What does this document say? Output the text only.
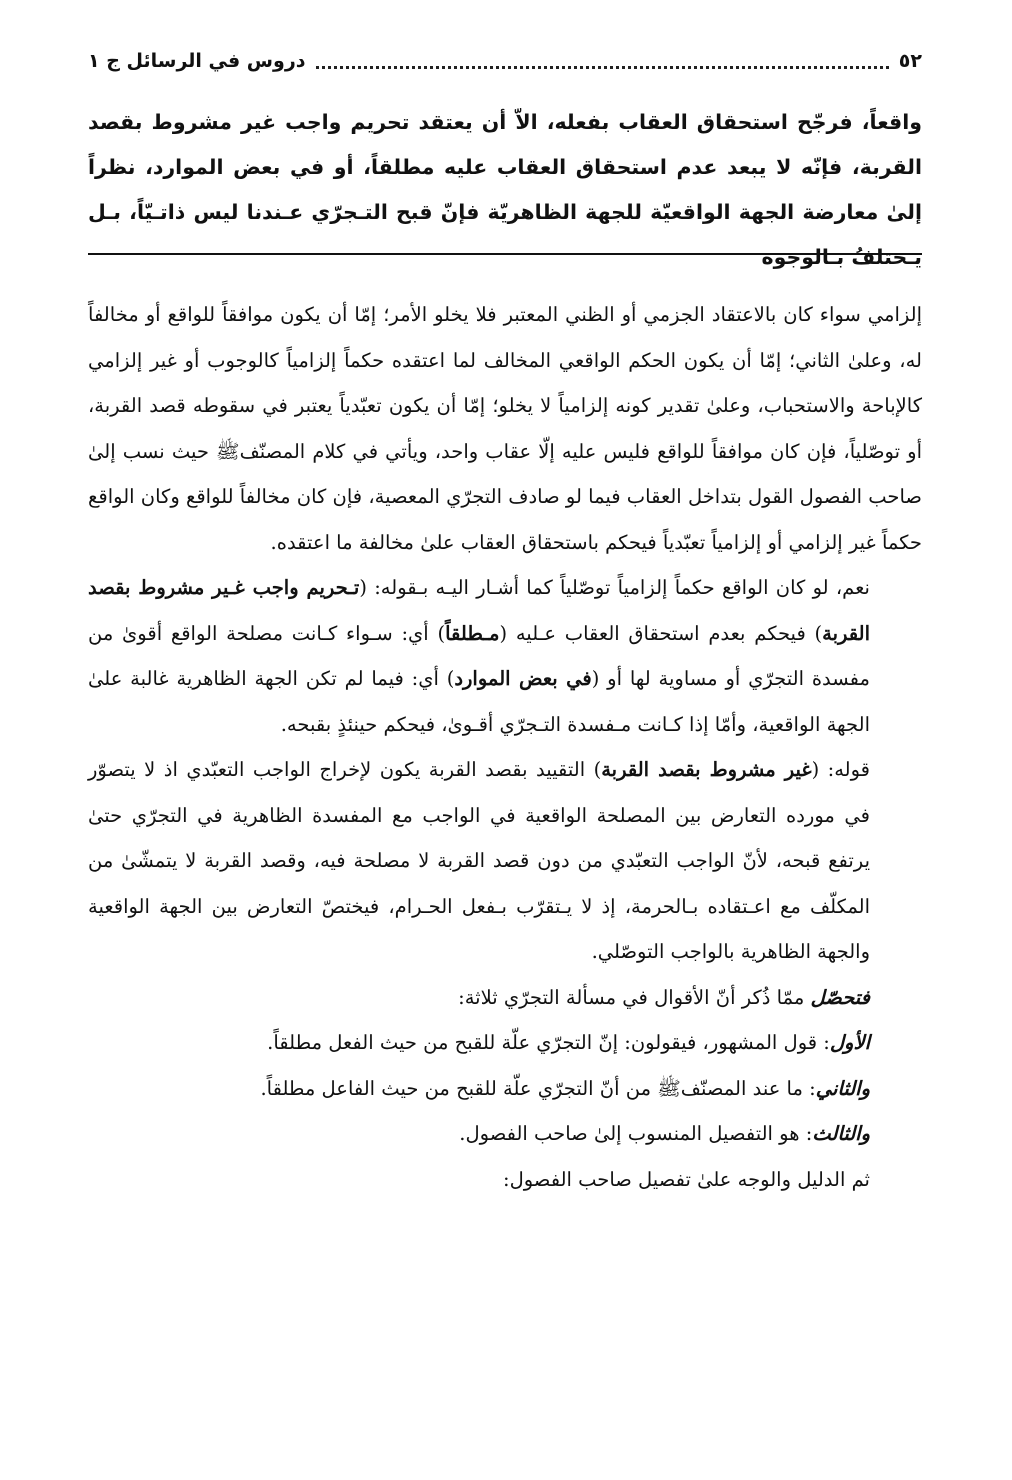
٥٢
دروس في الرسائل ج ١

واقعاً، فرجّح استحقاق العقاب بفعله، الاّ أن يعتقد تحريم واجب غير مشروط بقصد القربة، فإنّه لا يبعد عدم استحقاق العقاب عليه مطلقاً، أو في بعض الموارد، نظراً إلىٰ معارضة الجهة الواقعيّة للجهة الظاهريّة فإنّ قبح التـجرّي عـندنا ليس ذاتـيّاً، بـل يـختلفُ بـالوجوه

إلزامي سواء كان بالاعتقاد الجزمي أو الظني المعتبر فلا يخلو الأمر؛ إمّا أن يكون موافقاً للواقع أو مخالفاً له، وعلىٰ الثاني؛ إمّا أن يكون الحكم الواقعي المخالف لما اعتقده حكماً إلزامياً كالوجوب أو غير إلزامي كالإباحة والاستحباب، وعلىٰ تقدير كونه إلزامياً لا يخلو؛ إمّا أن يكون تعبّدياً يعتبر في سقوطه قصد القربة، أو توصّلياً، فإن كان موافقاً للواقع فليس عليه إلّا عقاب واحد، ويأتي في كلام المصنّفﷺ حيث نسب إلىٰ صاحب الفصول القول بتداخل العقاب فيما لو صادف التجرّي المعصية، فإن كان مخالفاً للواقع وكان الواقع حكماً غير إلزامي أو إلزامياً تعبّدياً فيحكم باستحقاق العقاب علىٰ مخالفة ما اعتقده.

نعم، لو كان الواقع حكماً إلزامياً توصّلياً كما أشـار اليـه بـقوله: (تـحريم واجب غـير مشروط بقصد القربة) فيحكم بعدم استحقاق العقاب عـليه (مـطلقاً) أي: سـواء كـانت مصلحة الواقع أقوىٰ من مفسدة التجرّي أو مساوية لها أو (في بعض الموارد) أي: فيما لم تكن الجهة الظاهرية غالبة علىٰ الجهة الواقعية، وأمّا إذا كـانت مـفسدة التـجرّي أقـوىٰ، فيحكم حينئذٍ بقبحه.

قوله: (غير مشروط بقصد القربة) التقييد بقصد القربة يكون لإخراج الواجب التعبّدي اذ لا يتصوّر في مورده التعارض بين المصلحة الواقعية في الواجب مع المفسدة الظاهرية في التجرّي حتىٰ يرتفع قبحه، لأنّ الواجب التعبّدي من دون قصد القربة لا مصلحة فيه، وقصد القربة لا يتمشّىٰ من المكلّف مع اعـتقاده بـالحرمة، إذ لا يـتقرّب بـفعل الحـرام، فيختصّ التعارض بين الجهة الواقعية والجهة الظاهرية بالواجب التوصّلي.

فتحصّل ممّا ذُكر أنّ الأقوال في مسألة التجرّي ثلاثة:

الأول: قول المشهور، فيقولون: إنّ التجرّي علّة للقبح من حيث الفعل مطلقاً.

والثاني: ما عند المصنّفﷺ من أنّ التجرّي علّة للقبح من حيث الفاعل مطلقاً.

والثالث: هو التفصيل المنسوب إلىٰ صاحب الفصول.

ثم الدليل والوجه علىٰ تفصيل صاحب الفصول:
